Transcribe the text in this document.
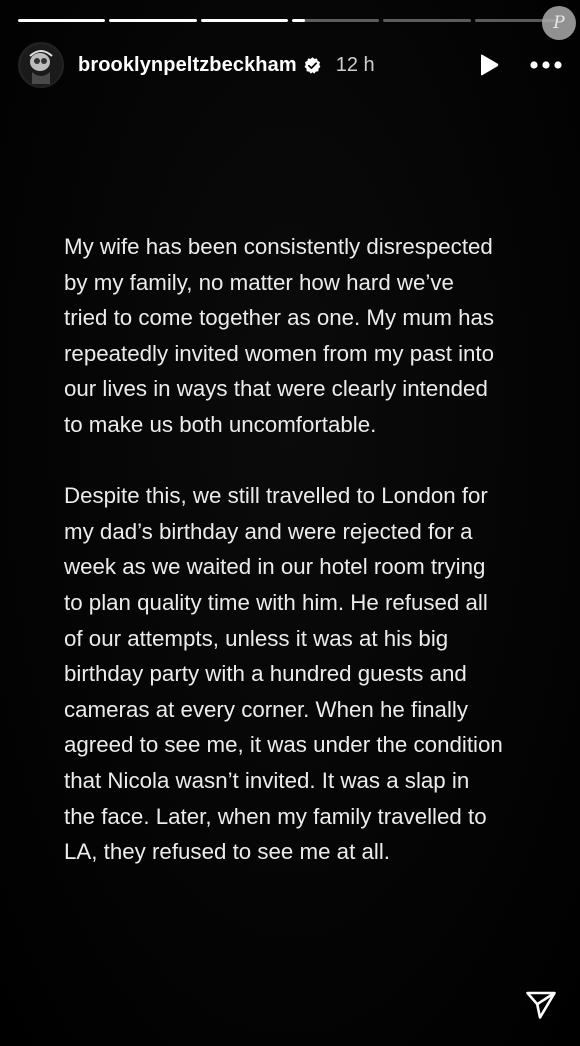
P
brooklynpeltzbeckham 12 h

My wife has been consistently disrespected
by my family, no matter how hard we’ve
tried to come together as one. My mum has
repeatedly invited women from my past into
our lives in ways that were clearly intended
to make us both uncomfortable.

Despite this, we still travelled to London for
my dad’s birthday and were rejected for a
week as we waited in our hotel room trying
to plan quality time with him. He refused all
of our attempts, unless it was at his big
birthday party with a hundred guests and
cameras at every corner. When he finally
agreed to see me, it was under the condition
that Nicola wasn’t invited. It was a slap in
the face. Later, when my family travelled to
LA, they refused to see me at all.
